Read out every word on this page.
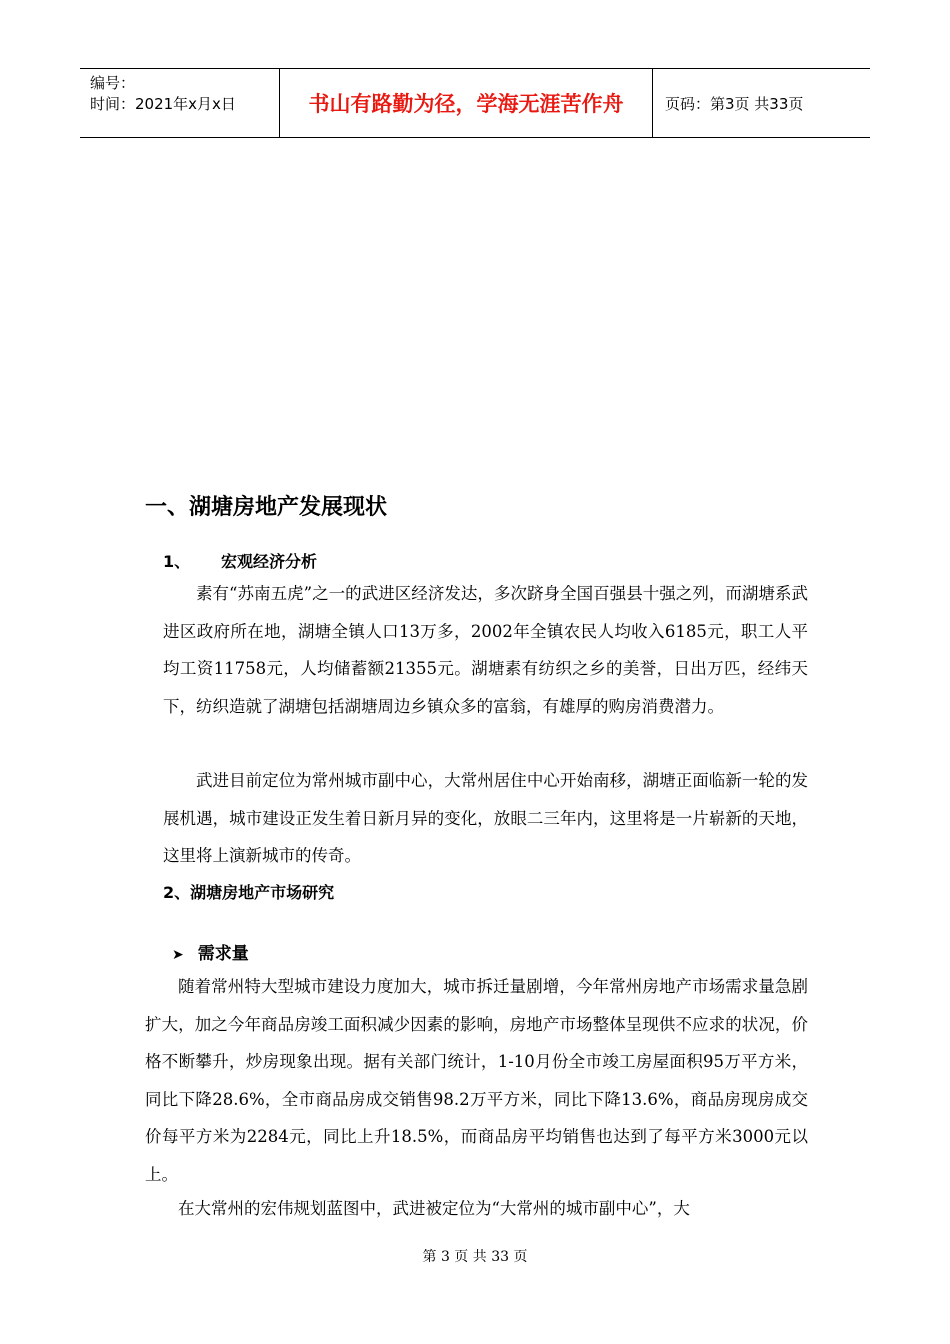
编号：
时间：2021年x月x日	书山有路勤为径，学海无涯苦作舟	页码：第3页 共33页
一、湖塘房地产发展现状
1、 宏观经济分析

素有“苏南五虎”之一的武进区经济发达，多次跻身全国百强县十强之列，而湖塘系武进区政府所在地，湖塘全镇人口13万多，2002年全镇农民人均收入6185元，职工人平均工资11758元，人均储蓄额21355元。湖塘素有纺织之乡的美誉，日出万匹，经纬天下，纺织造就了湖塘包括湖塘周边乡镇众多的富翁，有雄厚的购房消费潜力。

武进目前定位为常州城市副中心，大常州居住中心开始南移，湖塘正面临新一轮的发展机遇，城市建设正发生着日新月异的变化，放眼二三年内，这里将是一片崭新的天地，这里将上演新城市的传奇。

2、湖塘房地产市场研究
➤ 需求量

随着常州特大型城市建设力度加大，城市拆迁量剧增，今年常州房地产市场需求量急剧扩大，加之今年商品房竣工面积减少因素的影响，房地产市场整体呈现供不应求的状况，价格不断攀升，炒房现象出现。据有关部门统计，1-10月份全市竣工房屋面积95万平方米，同比下降28.6%，全市商品房成交销售98.2万平方米，同比下降13.6%，商品房现房成交价每平方米为2284元，同比上升18.5%，而商品房平均销售也达到了每平方米3000元以上。

在大常州的宏伟规划蓝图中，武进被定位为“大常州的城市副中心”，大

第 3 页 共 33 页
